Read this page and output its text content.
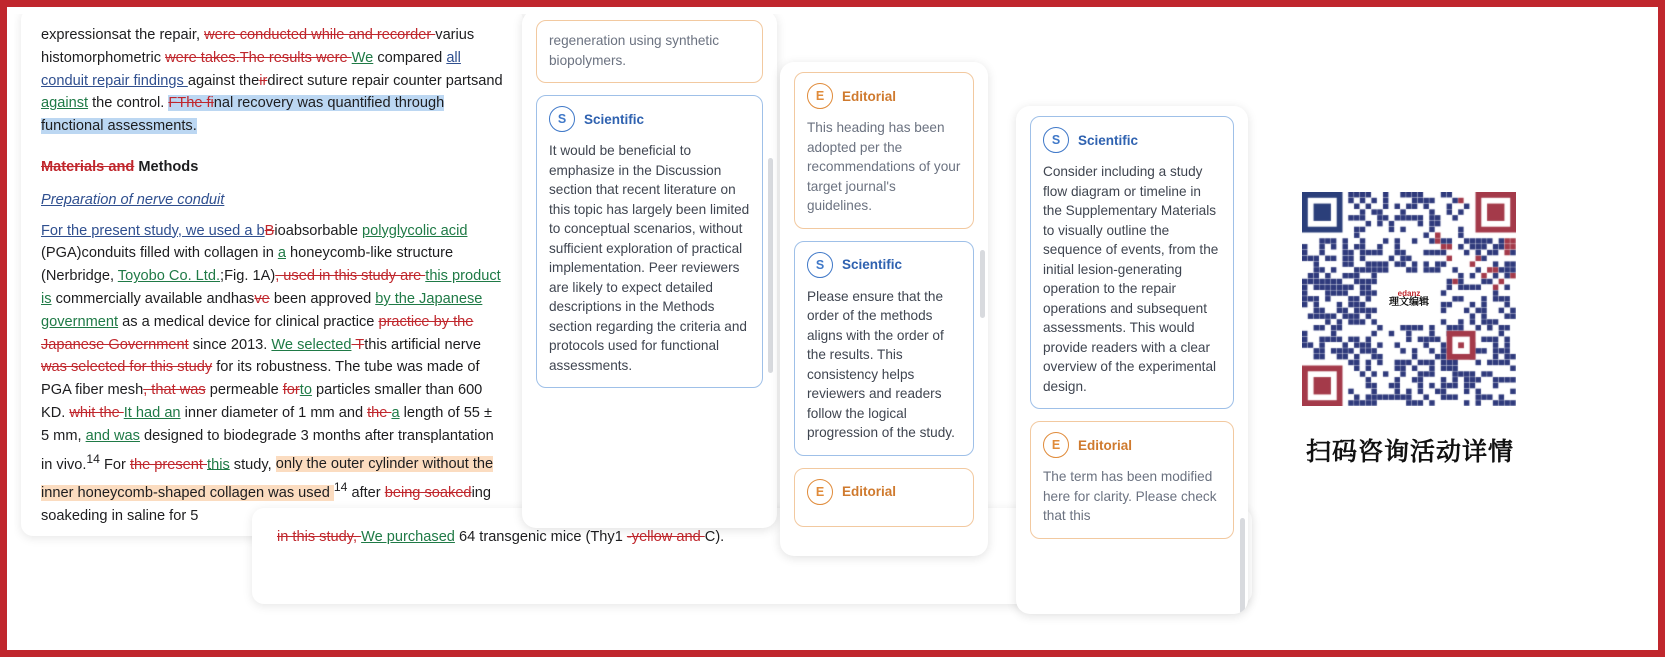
expressionsat the repair, were conducted while and recorder varius histomorphometric were takes.The results were We compared all conduit repair findings against theirdirect suture repair counter partsand against the control. FThe final recovery was quantified through functional assessments.

Materials and Methods

Preparation of nerve conduit

For the present study, we used a bBioabsorbable polyglycolic acid (PGA)conduits filled with collagen in a honeycomb-like structure (Nerbridge, Toyobo Co. Ltd.;Fig. 1A), used in this study are this product is commercially available andhasve been approved by the Japanese government as a medical device for clinical practice practice by the Japanese Government since 2013. We selected Tthis artificial nerve was selected for this study for its robustness. The tube was made of PGA fiber mesh, that was permeable forto particles smaller than 600 KD. whit the It had an inner diameter of 1 mm and the a length of 55 ± 5 mm, and was designed to biodegrade 3 months after transplantation in vivo.$^{14}$ For the present this study, only the outer cylinder without the inner honeycomb-shaped collagen was used $^{14}$ after being soakeding soakeding in saline for 5

in this study, We purchased 64 transgenic mice (Thy1 -yellow and C).
regeneration using synthetic biopolymers.
S	Scientific
It would be beneficial to emphasize in the Discussion section that recent literature on this topic has largely been limited to conceptual scenarios, without sufficient exploration of practical implementation. Peer reviewers are likely to expect detailed descriptions in the Methods section regarding the criteria and protocols used for functional assessments.
E	Editorial
This heading has been adopted per the recommendations of your target journal's guidelines.
S	Scientific
Please ensure that the order of the methods aligns with the order of the results. This consistency helps reviewers and readers follow the logical progression of the study.
E	Editorial
S	Scientific
Consider including a study flow diagram or timeline in the Supplementary Materials to visually outline the sequence of events, from the initial lesion-generating operation to the repair operations and subsequent assessments. This would provide readers with a clear overview of the experimental design.
E	Editorial
The term has been modified here for clarity. Please check that this
edanz
理文编辑
扫码咨询活动详情
